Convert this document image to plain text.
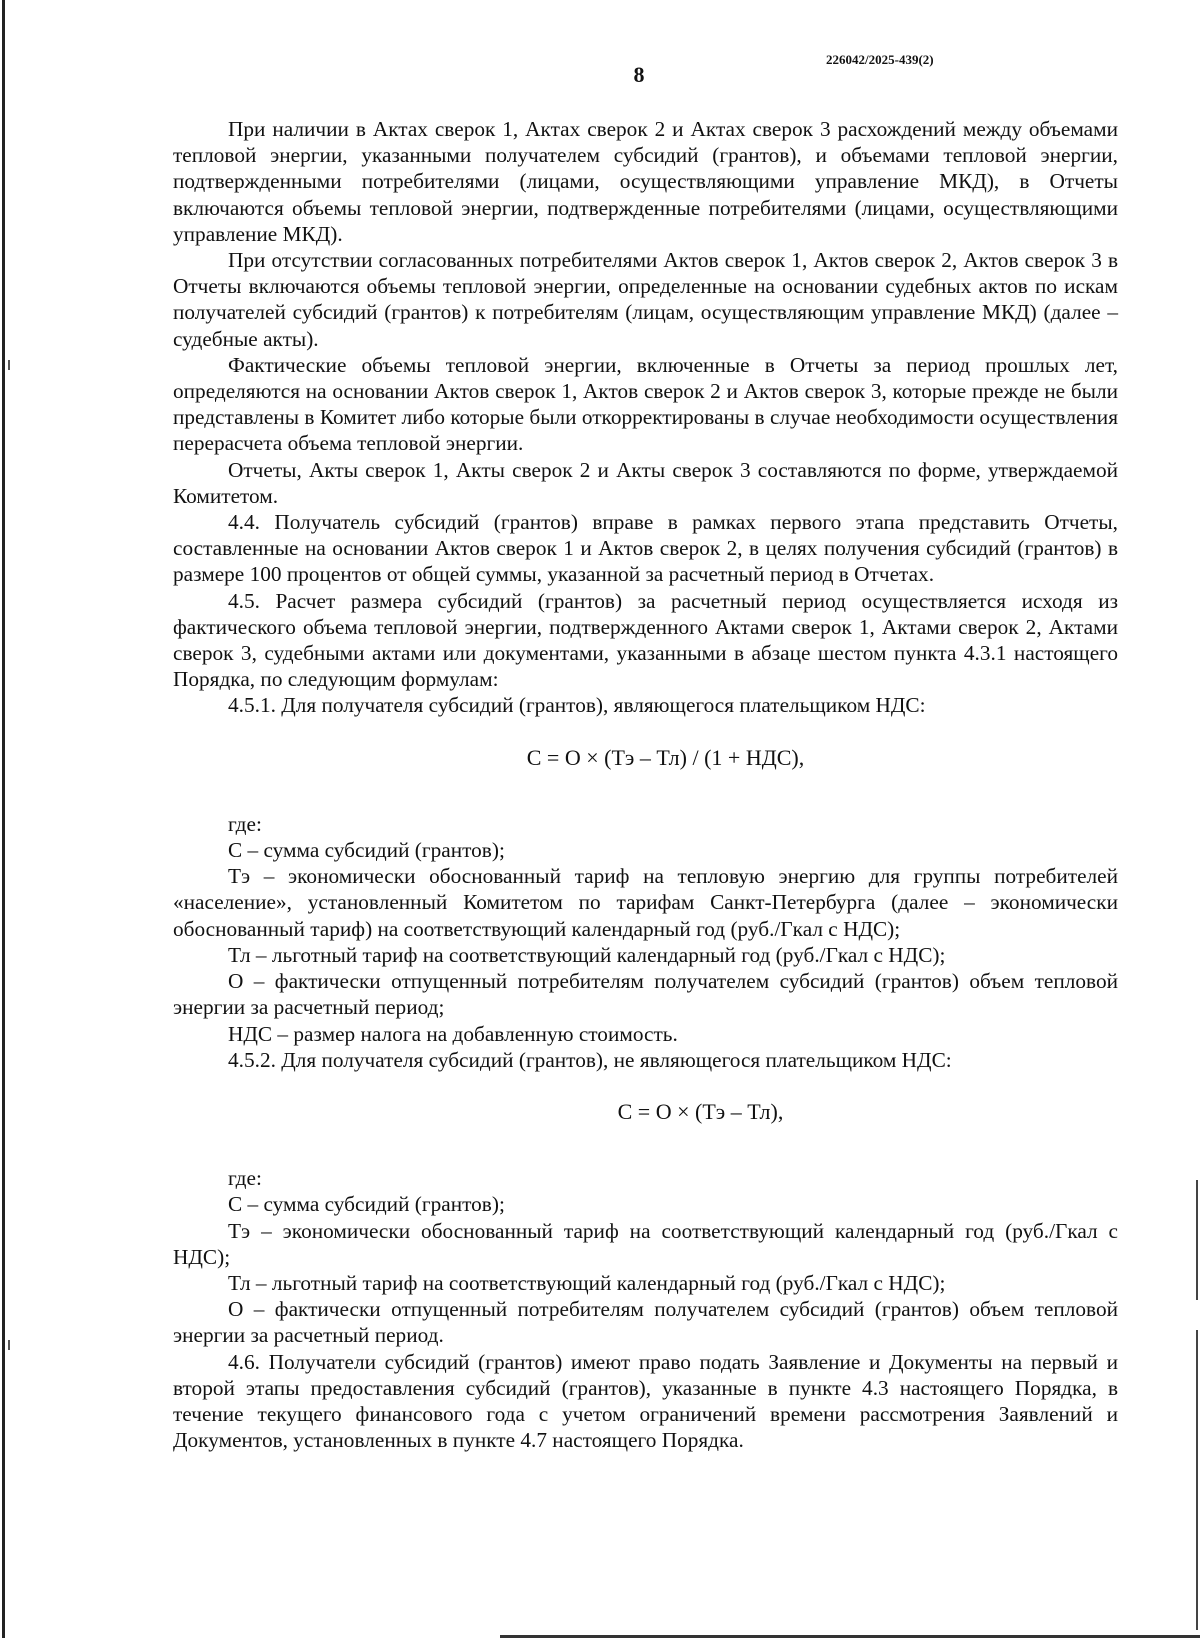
8
226042/2025-439(2)

При наличии в Актах сверок 1, Актах сверок 2 и Актах сверок 3 расхождений между объемами тепловой энергии, указанными получателем субсидий (грантов), и объемами тепловой энергии, подтвержденными потребителями (лицами, осуществляющими управление МКД), в Отчеты включаются объемы тепловой энергии, подтвержденные потребителями (лицами, осуществляющими управление МКД).

При отсутствии согласованных потребителями Актов сверок 1, Актов сверок 2, Актов сверок 3 в Отчеты включаются объемы тепловой энергии, определенные на основании судебных актов по искам получателей субсидий (грантов) к потребителям (лицам, осуществляющим управление МКД) (далее – судебные акты).

Фактические объемы тепловой энергии, включенные в Отчеты за период прошлых лет, определяются на основании Актов сверок 1, Актов сверок 2 и Актов сверок 3, которые прежде не были представлены в Комитет либо которые были откорректированы в случае необходимости осуществления перерасчета объема тепловой энергии.

Отчеты, Акты сверок 1, Акты сверок 2 и Акты сверок 3 составляются по форме, утверждаемой Комитетом.

4.4. Получатель субсидий (грантов) вправе в рамках первого этапа представить Отчеты, составленные на основании Актов сверок 1 и Актов сверок 2, в целях получения субсидий (грантов) в размере 100 процентов от общей суммы, указанной за расчетный период в Отчетах.

4.5. Расчет размера субсидий (грантов) за расчетный период осуществляется исходя из фактического объема тепловой энергии, подтвержденного Актами сверок 1, Актами сверок 2, Актами сверок 3, судебными актами или документами, указанными в абзаце шестом пункта 4.3.1 настоящего Порядка, по следующим формулам:

4.5.1. Для получателя субсидий (грантов), являющегося плательщиком НДС:

С = О × (Тэ – Тл) / (1 + НДС),

где:

С – сумма субсидий (грантов);

Тэ – экономически обоснованный тариф на тепловую энергию для группы потребителей «население», установленный Комитетом по тарифам Санкт-Петербурга (далее – экономически обоснованный тариф) на соответствующий календарный год (руб./Гкал с НДС);

Тл – льготный тариф на соответствующий календарный год (руб./Гкал с НДС);

О – фактически отпущенный потребителям получателем субсидий (грантов) объем тепловой энергии за расчетный период;

НДС – размер налога на добавленную стоимость.

4.5.2. Для получателя субсидий (грантов), не являющегося плательщиком НДС:

С = О × (Тэ – Тл),

где:

С – сумма субсидий (грантов);

Тэ – экономически обоснованный тариф на соответствующий календарный год (руб./Гкал с НДС);

Тл – льготный тариф на соответствующий календарный год (руб./Гкал с НДС);

О – фактически отпущенный потребителям получателем субсидий (грантов) объем тепловой энергии за расчетный период.

4.6. Получатели субсидий (грантов) имеют право подать Заявление и Документы на первый и второй этапы предоставления субсидий (грантов), указанные в пункте 4.3 настоящего Порядка, в течение текущего финансового года с учетом ограничений времени рассмотрения Заявлений и Документов, установленных в пункте 4.7 настоящего Порядка.
